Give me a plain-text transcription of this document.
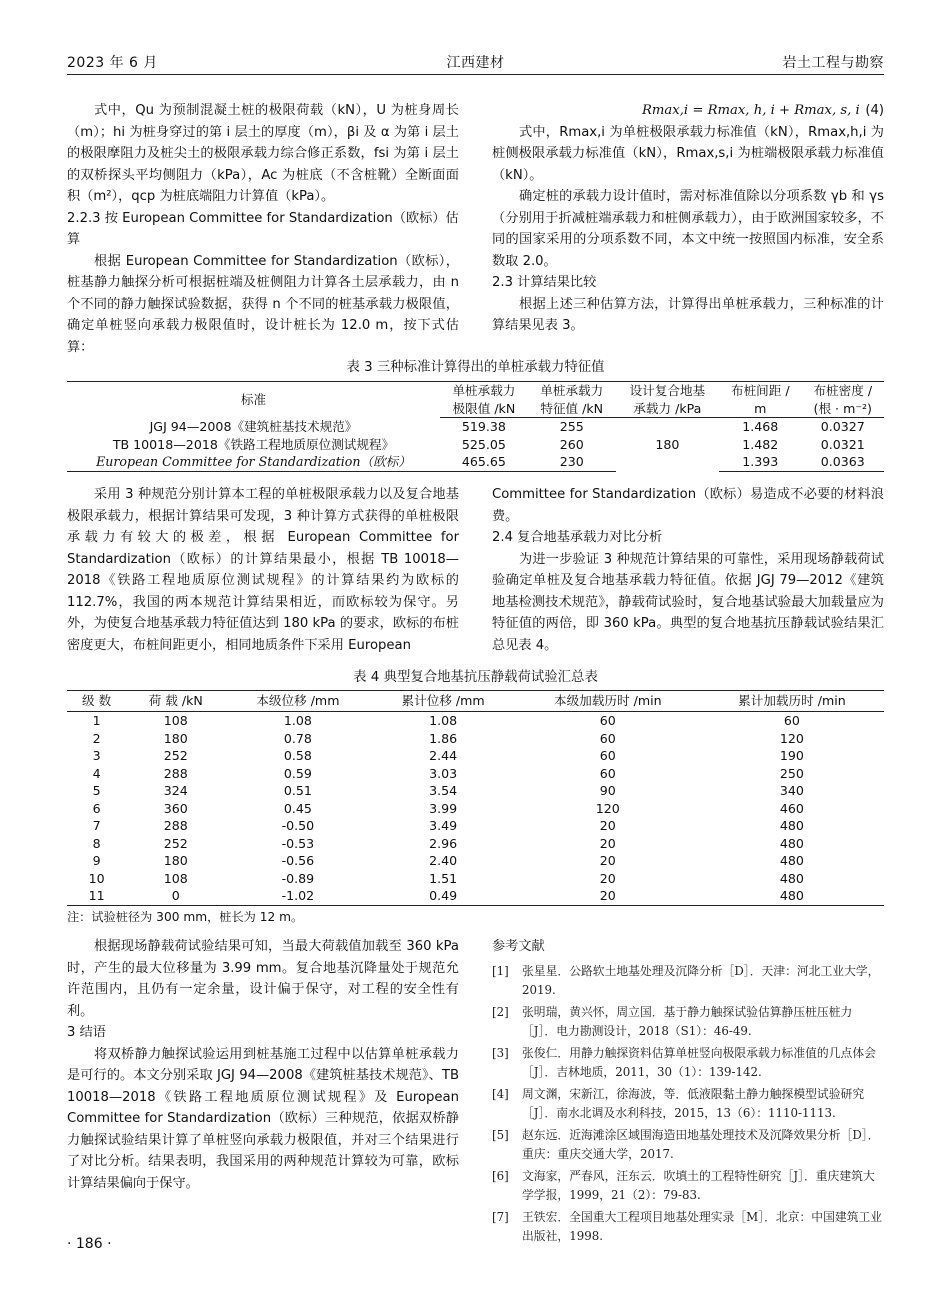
2023 年 6 月	江西建材	岩土工程与勘察

式中，Qu 为预制混凝土桩的极限荷载（kN），U 为桩身周长（m）；hi 为桩身穿过的第 i 层土的厚度（m），βi 及 α 为第 i 层土的极限摩阻力及桩尖土的极限承载力综合修正系数，fsi 为第 i 层土的双桥探头平均侧阻力（kPa），Ac 为桩底（不含桩靴）全断面面积（m²），qcp 为桩底端阻力计算值（kPa）。

2.2.3 按 European Committee for Standardization（欧标）估算

根据 European Committee for Standardization（欧标），桩基静力触探分析可根据桩端及桩侧阻力计算各土层承载力，由 n 个不同的静力触探试验数据，获得 n 个不同的桩基承载力极限值，确定单桩竖向承载力极限值时，设计桩长为 12.0 m，按下式估算：

Rmax,i = Rmax, h, i + Rmax, s, i (4)

式中，Rmax,i 为单桩极限承载力标准值（kN），Rmax,h,i 为桩侧极限承载力标准值（kN），Rmax,s,i 为桩端极限承载力标准值（kN）。

确定桩的承载力设计值时，需对标准值除以分项系数 γb 和 γs（分别用于折减桩端承载力和桩侧承载力），由于欧洲国家较多，不同的国家采用的分项系数不同，本文中统一按照国内标准，安全系数取 2.0。

2.3 计算结果比较

根据上述三种估算方法，计算得出单桩承载力，三种标准的计算结果见表 3。

表 3 三种标准计算得出的单桩承载力特征值
标准	单桩承载力	单桩承载力	设计复合地基	布桩间距 /	布桩密度 /
	极限值 /kN	特征值 /kN	承载力 /kPa	m	(根 · m⁻²)
JGJ 94—2008《建筑桩基技术规范》	519.38	255	180	1.468	0.0327
TB 10018—2018《铁路工程地质原位测试规程》	525.05	260		1.482	0.0321
European Committee for Standardization（欧标）	465.65	230		1.393	0.0363

采用 3 种规范分别计算本工程的单桩极限承载力以及复合地基极限承载力，根据计算结果可发现，3 种计算方式获得的单桩极限承载力有较大的极差，根据 European Committee for Standardization（欧标）的计算结果最小，根据 TB 10018—2018《铁路工程地质原位测试规程》的计算结果约为欧标的 112.7%，我国的两本规范计算结果相近，而欧标较为保守。另外，为使复合地基承载力特征值达到 180 kPa 的要求，欧标的布桩密度更大，布桩间距更小，相同地质条件下采用 European

Committee for Standardization（欧标）易造成不必要的材料浪费。

2.4 复合地基承载力对比分析

为进一步验证 3 种规范计算结果的可靠性，采用现场静载荷试验确定单桩及复合地基承载力特征值。依据 JGJ 79—2012《建筑地基检测技术规范》，静载荷试验时，复合地基试验最大加载量应为特征值的两倍，即 360 kPa。典型的复合地基抗压静载试验结果汇总见表 4。

表 4 典型复合地基抗压静载荷试验汇总表
级 数	荷 载 /kN	本级位移 /mm	累计位移 /mm	本级加载历时 /min	累计加载历时 /min
1	108	1.08	1.08	60	60
2	180	0.78	1.86	60	120
3	252	0.58	2.44	60	190
4	288	0.59	3.03	60	250
5	324	0.51	3.54	90	340
6	360	0.45	3.99	120	460
7	288	-0.50	3.49	20	480
8	252	-0.53	2.96	20	480
9	180	-0.56	2.40	20	480
10	108	-0.89	1.51	20	480
11	0	-1.02	0.49	20	480
注：试验桩径为 300 mm，桩长为 12 m。

根据现场静载荷试验结果可知，当最大荷载值加载至 360 kPa 时，产生的最大位移量为 3.99 mm。复合地基沉降量处于规范允许范围内，且仍有一定余量，设计偏于保守，对工程的安全性有利。

3 结语

将双桥静力触探试验运用到桩基施工过程中以估算单桩承载力是可行的。本文分别采取 JGJ 94—2008《建筑桩基技术规范》、TB 10018—2018《铁路工程地质原位测试规程》及 European Committee for Standardization（欧标）三种规范，依据双桥静力触探试验结果计算了单桩竖向承载力极限值，并对三个结果进行了对比分析。结果表明，我国采用的两种规范计算较为可靠，欧标计算结果偏向于保守。

参考文献

[1] 张星星．公路软土地基处理及沉降分析［D］．天津：河北工业大学，2019.
[2] 张明瑞，黄兴怀，周立国．基于静力触探试验估算静压桩压桩力［J］．电力勘测设计，2018（S1）：46-49.
[3] 张俊仁．用静力触探资料估算单桩竖向极限承载力标准值的几点体会［J］．吉林地质，2011，30（1）：139-142.
[4] 周文渊，宋新江，徐海波，等．低液限黏土静力触探模型试验研究［J］．南水北调及水利科技，2015，13（6）：1110-1113.
[5] 赵东远．近海滩涂区域围海造田地基处理技术及沉降效果分析［D］．重庆：重庆交通大学，2017.
[6] 文海家，严春风，汪东云．吹填土的工程特性研究［J］．重庆建筑大学学报，1999，21（2）：79-83.
[7] 王铁宏．全国重大工程项目地基处理实录［M］．北京：中国建筑工业出版社，1998.
· 186 ·
